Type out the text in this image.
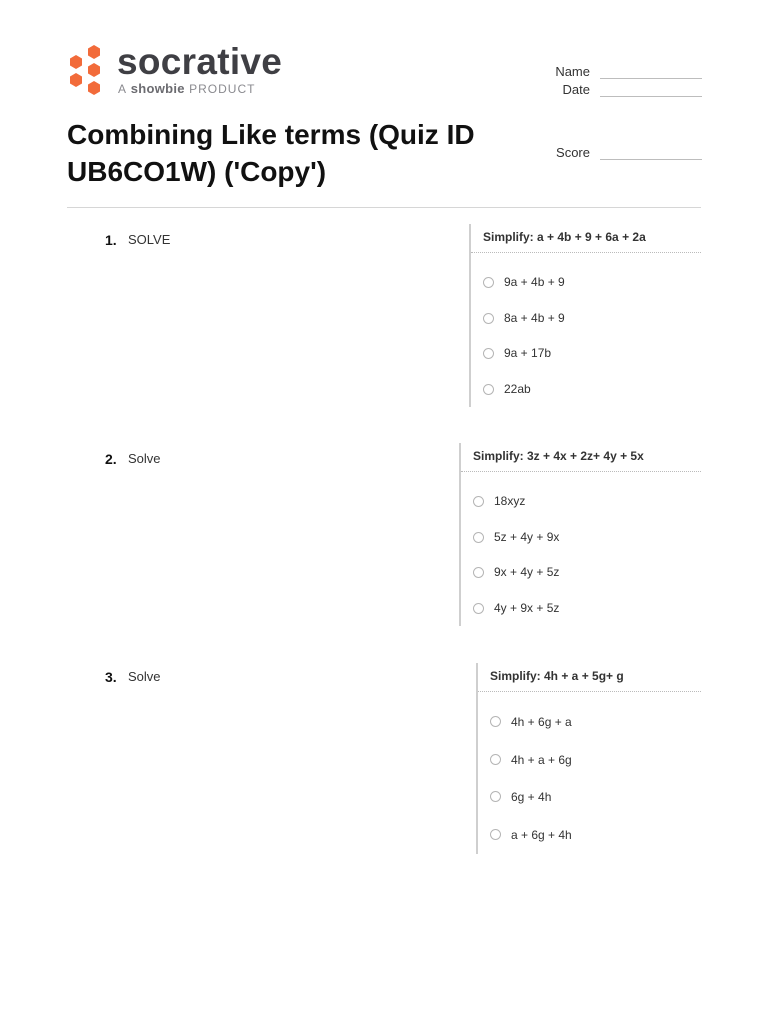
socrative
A showbie PRODUCT
Name
Date
Score
Combining Like terms (Quiz ID UB6CO1W) ('Copy')
1. SOLVE	Simplify: a + 4b + 9 + 6a + 2a
9a + 4b + 9
8a + 4b + 9
9a + 17b
22ab
2. Solve	Simplify: 3z + 4x + 2z+ 4y + 5x
18xyz
5z + 4y + 9x
9x + 4y + 5z
4y + 9x + 5z
3. Solve	Simplify: 4h + a + 5g+ g
4h + 6g + a
4h + a + 6g
6g + 4h
a + 6g + 4h
